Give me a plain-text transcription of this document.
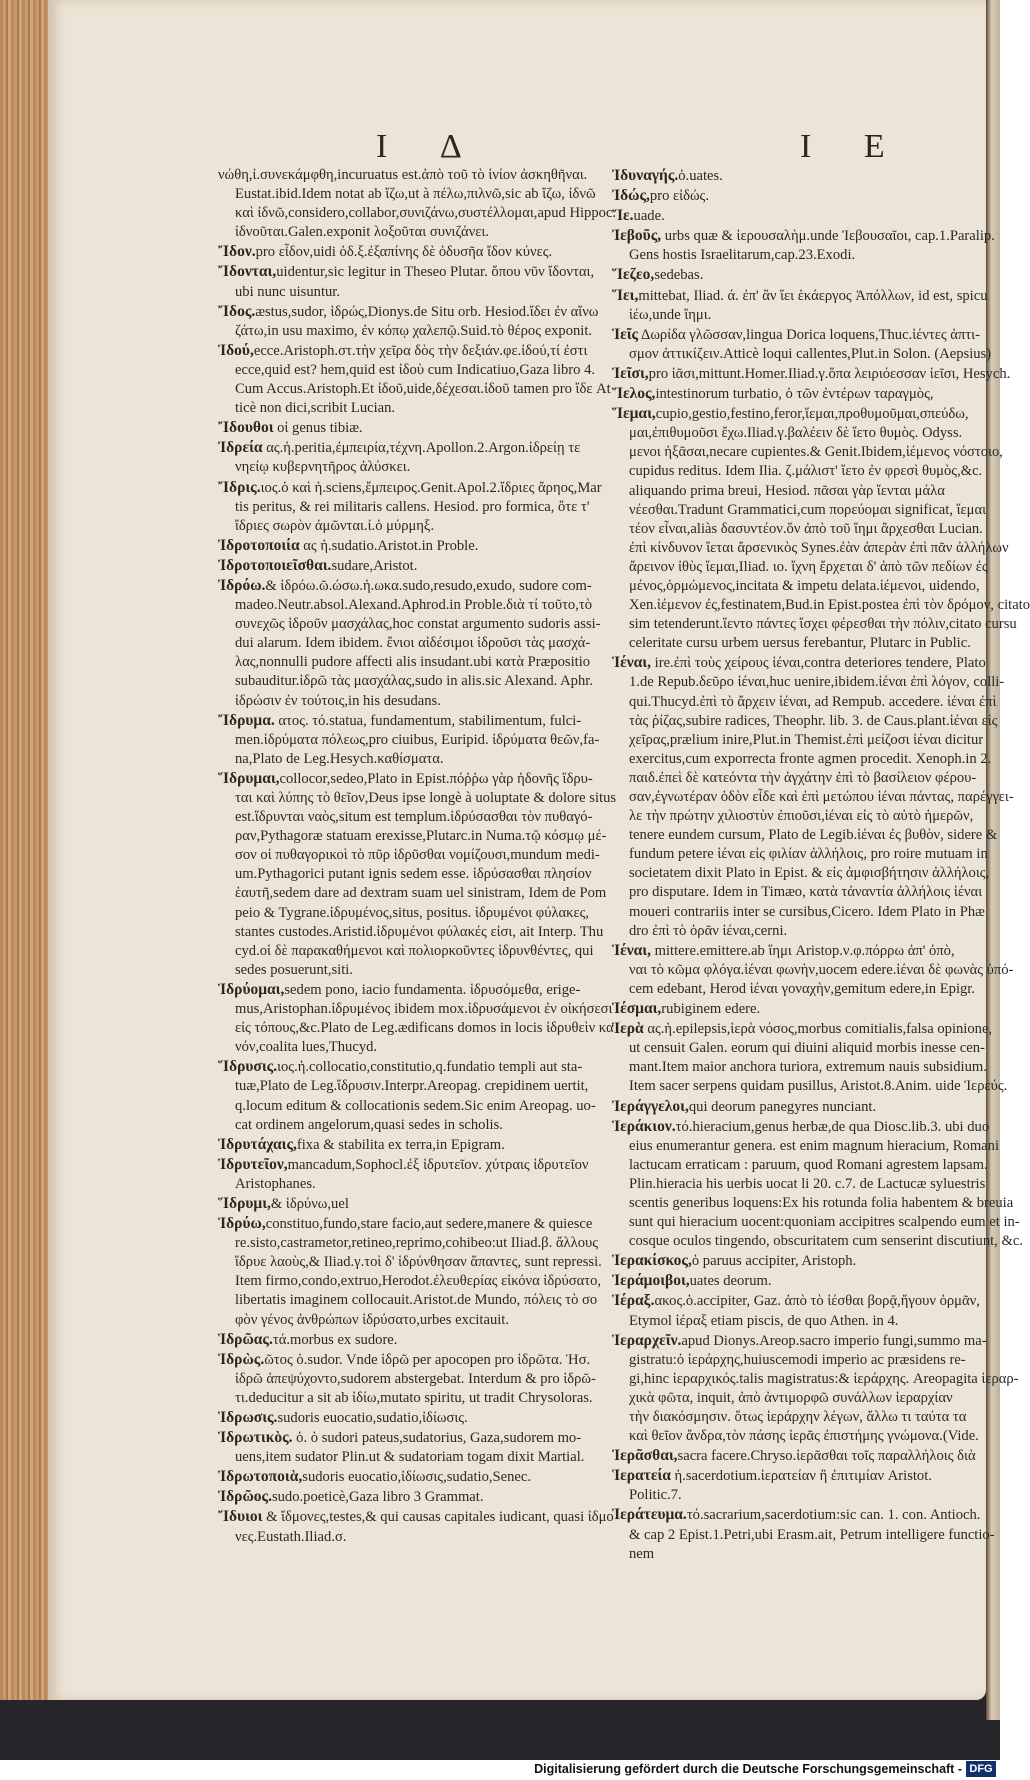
I Δ	I E
νώθη,ἰ.συνεκάμφθη,incuruatus est.ἀπὸ τοῦ τὸ ἰνίον ἀσκηθῆναι.
Eustat.ibid.Idem notat ab ἴζω,ut à πέλω,πιλνῶ,sic ab ἴζω, ἰδνῶ
καὶ ἰδνῶ,considero,collabor,συνιζάνω,συστέλλομαι,apud Hippoc.
ἰδνοῦται.Galen.exponit λοξοῦται συνιζάνει.
Ἴδον.pro εἶδον,uidi ὀδ.ξ.ἐξαπίνης δὲ ὀδυσῆα ἴδον κύνες.
Ἴδονται,uidentur,sic legitur in Theseo Plutar. ὅπου νῦν ἴδονται,
ubi nunc uisuntur.
Ἴδος.æstus,sudor, ἱδρώς,Dionys.de Situ orb. Hesiod.ἴδει ἐν αἴνω
ζάτω,in usu maximo, ἐν κόπῳ χαλεπῷ.Suid.τὸ θέρος exponit.
Ἰδού,ecce.Aristoph.στ.τὴν χεῖρα δὸς τὴν δεξιάν.φε.ἰδού,τί ἐστι
ecce,quid est? hem,quid est ἰδοὺ cum Indicatiuo,Gaza libro 4.
Cum Accus.Aristoph.Et ἰδοῦ,uide,δέχεσαι.ἰδοῦ tamen pro ἴδε At
ticè non dici,scribit Lucian.
Ἴδουθοι οἱ genus tibiæ.
Ἰδρεία ας.ἡ.peritia,ἐμπειρία,τέχνη.Apollon.2.Argon.ἰδρείῃ τε
νηείῳ κυβερνητῆρος ἀλύσκει.
Ἴδρις.ιος.ὁ καὶ ἡ.sciens,ἔμπειρος.Genit.Apol.2.ἴδριες ἄρηος,Mar
tis peritus, & rei militaris callens. Hesiod. pro formica, ὅτε τ'
ἴδριες σωρὸν ἀμῶνται.ἰ.ὁ μύρμηξ.
Ἰδροτοποιία ας ἡ.sudatio.Aristot.in Proble.
Ἰδροτοποιεῖσθαι.sudare,Aristot.
Ἰδρόω.& ἱδρόω.ῶ.ώσω.ἠ.ωκα.sudo,resudo,exudo, sudore com-
madeo.Neutr.absol.Alexand.Aphrod.in Proble.διὰ τί τοῦτο,τὸ
συνεχῶς ἱδροῦν μασχάλας,hoc constat argumento sudoris assi-
dui alarum. Idem ibidem. ἔνιοι αἰδέσιμοι ἱδροῦσι τὰς μασχά-
λας,nonnulli pudore affecti alis insudant.ubi κατὰ Præpositio
subauditur.ἱδρῶ τὰς μασχάλας,sudo in alis.sic Alexand. Aphr.
ἱδρώσιν ἐν τούτοις,in his desudans.
Ἴδρυμα. ατος. τό.statua, fundamentum, stabilimentum, fulci-
men.ἱδρύματα πόλεως,pro ciuibus, Euripid. ἱδρύματα θεῶν,fa-
na,Plato de Leg.Hesych.καθίσματα.
Ἵδρυμαι,collocor,sedeo,Plato in Epist.πόῤῥω γὰρ ἡδονῆς ἵδρυ-
ται καὶ λύπης τὸ θεῖον,Deus ipse longè à uoluptate & dolore situs
est.ἵδρυνται ναὸς,situm est templum.ἱδρύσασθαι τὸν πυθαγό-
ραν,Pythagoræ statuam erexisse,Plutarc.in Numa.τῷ κόσμῳ μέ-
σον οἱ πυθαγορικοὶ τὸ πῦρ ἱδρῦσθαι νομίζουσι,mundum medi-
um.Pythagorici putant ignis sedem esse. ἱδρύσασθαι πλησίον
ἑαυτῆ,sedem dare ad dextram suam uel sinistram, Idem de Pom
peio & Tygrane.ἱδρυμένος,situs, positus. ἱδρυμένοι φύλακες,
stantes custodes.Aristid.ἱδρυμένοι φύλακές εἰσι, ait Interp. Thu
cyd.οἱ δὲ παρακαθήμενοι καὶ πολιορκοῦντες ἱδρυνθέντες, qui
sedes posuerunt,siti.
Ἱδρύομαι,sedem pono, iacio fundamenta. ἱδρυσόμεθα, erige-
mus,Aristophan.ἱδρυμένος ibidem mox.ἱδρυσάμενοι ἐν οἰκήσεσι
εἰς τόπους,&c.Plato de Leg.ædificans domos in locis ἱδρυθεὶν κα
νόν,coalita lues,Thucyd.
Ἵδρυσις.ιος.ἡ.collocatio,constitutio,q.fundatio templi aut sta-
tuæ,Plato de Leg.ἵδρυσιν.Interpr.Areopag. crepidinem uertit,
q.locum editum & collocationis sedem.Sic enim Areopag. uo-
cat ordinem angelorum,quasi sedes in scholis.
Ἱδρυτάχαις,fixa & stabilita ex terra,in Epigram.
Ἱδρυτεῖον,mancadum,Sophocl.ἐξ ἱδρυτεῖον. χύτραις ἱδρυτεῖον
Aristophanes.
Ἵδρυμι,& ἱδρύνω,uel
Ἱδρύω,constituo,fundo,stare facio,aut sedere,manere & quiesce
re.sisto,castrametor,retineo,reprimo,cohibeo:ut Iliad.β. ἄλλους
ἵδρυε λαοὺς,& Iliad.γ.τοὶ δ' ἱδρύνθησαν ἅπαντες, sunt repressi.
Item firmo,condo,extruo,Herodot.ἐλευθερίας εἰκόνα ἱδρύσατο,
libertatis imaginem collocauit.Aristot.de Mundo, πόλεις τὸ σο
φὸν γένος ἀνθρώπων ἱδρύσατο,urbes excitauit.
Ἱδρῶας.τά.morbus ex sudore.
Ἱδρὼς.ῶτος ὁ.sudor. Vnde ἱδρῶ per apocopen pro ἱδρῶτα. Ἡσ.
ἱδρῶ ἀπεψύχοντο,sudorem abstergebat. Interdum & pro ἱδρῶ-
τι.deducitur a sit ab ἰδίω,mutato spiritu, ut tradit Chrysoloras.
Ἱδρωσις.sudoris euocatio,sudatio,ἰδίωσις.
Ἱδρωτικὸς. ὁ. ὁ sudori pateus,sudatorius, Gaza,sudorem mo-
uens,item sudator Plin.ut & sudatoriam togam dixit Martial.
Ἱδρωτοποιὰ,sudoris euocatio,ἰδίωσις,sudatio,Senec.
Ἱδρῶος.sudo.poeticè,Gaza libro 3 Grammat.
Ἴδυιοι & ἴδμονες,testes,& qui causas capitales iudicant, quasi ἰδμο
νες.Eustath.Iliad.σ.
Ἰδυναγής.ὁ.uates.
Ἰδώς,pro εἰδώς.
Ἴε.uade.
Ἰεβοῦς, urbs quæ & ἱερουσαλὴμ.unde Ἰεβουσαῖοι, cap.1.Paralip.
Gens hostis Israelitarum,cap.23.Exodi.
Ἵεζεο,sedebas.
Ἵει,mittebat, Iliad. ά. ἐπ' ἂν ἵει ἑκάεργος Ἀπόλλων, id est, spicu
ἱέω,unde ἵημι.
Ἱεῖς Δωρίδα γλῶσσαν,lingua Dorica loquens,Thuc.ἱέντες ἀπτι-
σμον ἀττικίζειν.Atticè loqui callentes,Plut.in Solon. (Aepsius)
Ἱεῖσι,pro ἱᾶσι,mittunt.Homer.Iliad.γ.ὅπα λειριόεσσαν ἱεῖσι, Hesych.
Ἵελος,intestinorum turbatio, ὁ τῶν ἐντέρων ταραγμὸς,
Ἵεμαι,cupio,gestio,festino,feror,ἵεμαι,προθυμοῦμαι,σπεύδω,
μαι,ἐπιθυμοῦσι ἔχω.Iliad.γ.βαλέειν δὲ ἵετο θυμὸς. Odyss.
μενοι ἡξᾶσαι,necare cupientes.& Genit.Ibidem,ἱέμενος νόστοιο,
cupidus reditus. Idem Ilia. ζ.μάλιστ' ἵετο ἐν φρεσὶ θυμὸς,&c.
aliquando prima breui, Hesiod. πᾶσαι γὰρ ἵενται μάλα
νέεσθαι.Tradunt Grammatici,cum πορεύομαι significat, ἵεμαι
τέον εἶναι,aliàs δασυντέον.ὅν ἀπὸ τοῦ ἵημι ἄρχεσθαι Lucian.
ἐπὶ κίνδυνον ἵεται ἄρσενικὸς Synes.ἐὰν ἀπερὰν ἐπὶ πᾶν ἀλλήλων
ἄρεινον ἰθὺς ἵεμαι,Iliad. ιο. ἴχνη ἔρχεται δ' ἀπὸ τῶν πεδίων ἐς
μένος,ὁρμώμενος,incitata & impetu delata.ἱέμενοι, uidendo,
Xen.ἱέμενον ἐς,festinatem,Bud.in Epist.postea ἐπὶ τὸν δρόμον, citato
sim tetenderunt.ἵεντο πάντες ἴσχει φέρεσθαι τὴν πόλιν,citato cursu
celeritate cursu urbem uersus ferebantur, Plutarc in Public.
Ἱέναι, ire.ἐπὶ τοὺς χείρους ἱέναι,contra deteriores tendere, Plato
1.de Repub.δεῦρο ἱέναι,huc uenire,ibidem.ἱέναι ἐπὶ λόγον, colli-
qui.Thucyd.ἐπὶ τὸ ἄρχειν ἱέναι, ad Rempub. accedere. ἱέναι ἐπὶ
τὰς ῥίζας,subire radices, Theophr. lib. 3. de Caus.plant.ἱέναι εἰς
χεῖρας,prælium inire,Plut.in Themist.ἐπὶ μείζοσι ἱέναι dicitur
exercitus,cum exporrecta fronte agmen procedit. Xenoph.in 2.
παιδ.ἐπεὶ δὲ κατεόντα τὴν ἀγχάτην ἐπὶ τὸ βασίλειον φέρου-
σαν,ἐγνωτέραν ὁδὸν εἶδε καὶ ἐπὶ μετώπου ἱέναι πάντας, παρέγγει-
λε τὴν πρώτην χιλιοστὺν ἐπιοῦσι,ἱέναι εἰς τὸ αὐτὸ ἡμερῶν,
tenere eundem cursum, Plato de Legib.ἱέναι ἐς βυθὸν, sidere &
fundum petere ἱέναι εἰς φιλίαν ἀλλήλοις, pro roire mutuam in
societatem dixit Plato in Epist. & εἰς ἀμφισβήτησιν ἀλλήλοις,
pro disputare. Idem in Timæo, κατὰ τἀναντία ἀλλήλοις ἱέναι
moueri contrariis inter se cursibus,Cicero. Idem Plato in Phæ
dro ἐπὶ τὸ ὁρᾶν ἱέναι,cerni.
Ἱέναι, mittere.emittere.ab ἵημι Aristop.ν.φ.πόρρω ἀπ' ὀπὸ,
ναι τὸ κῶμα φλόγα.ἱέναι φωνὴν,uocem edere.ἱέναι δὲ φωνὰς ὑπό-
cem edebant, Herod ἱέναι γοναχὴν,gemitum edere,in Epigr.
Ἱέσμαι,rubiginem edere.
Ἱερὰ ας.ἡ.epilepsis,ἱερὰ νόσος,morbus comitialis,falsa opinione,
ut censuit Galen. eorum qui diuini aliquid morbis inesse cen-
mant.Item maior anchora turiora, extremum nauis subsidium.
Item sacer serpens quidam pusillus, Aristot.8.Anim. uide Ἱερεύς.
Ἱεράγγελοι,qui deorum panegyres nunciant.
Ἱεράκιον.τό.hieracium,genus herbæ,de qua Diosc.lib.3. ubi duo
eius enumerantur genera. est enim magnum hieracium, Romani
lactucam erraticam : paruum, quod Romani agrestem lapsam.
Plin.hieracia his uerbis uocat li 20. c.7. de Lactucæ syluestris
scentis generibus loquens:Ex his rotunda folia habentem & breuia
sunt qui hieracium uocent:quoniam accipitres scalpendo eum et in-
cosque oculos tingendo, obscuritatem cum senserint discutiunt, &c.
Ἱερακίσκος,ὁ paruus accipiter, Aristoph.
Ἱεράμοιβοι,uates deorum.
Ἱέραξ.ακος.ὁ.accipiter, Gaz. ἀπὸ τὸ ἱέσθαι βορᾷ,ἤγουν ὁρμᾶν,
Etymol ἱέραξ etiam piscis, de quo Athen. in 4.
Ἱεραρχεῖν.apud Dionys.Areop.sacro imperio fungi,summo ma-
gistratu:ὁ ἱεράρχης,huiuscemodi imperio ac præsidens re-
gi,hinc ἱεραρχικός.talis magistratus:& ἱεράρχης. Areopagita ἱεραρ-
χικὰ φῶτα, inquit, ἀπὸ ἀντιμορφῶ συνάλλων ἱεραρχίαν
τὴν διακόσμησιν. ὅτως ἱεράρχην λέγων, ἄλλω τι ταύτα τα
καὶ θεῖον ἄνδρα,τὸν πάσης ἱερᾶς ἐπιστήμης γνώμονα.(Vide.
Ἱερᾶσθαι,sacra facere.Chryso.ἱερᾶσθαι τοῖς παραλλήλοις διὰ
Ἱερατεία ἡ.sacerdotium.ἱερατείαν ἢ ἐπιτιμίαν Aristot.
Politic.7.
Ἱεράτευμα.τό.sacrarium,sacerdotium:sic can. 1. con. Antioch.
& cap 2 Epist.1.Petri,ubi Erasm.ait, Petrum intelligere functio-
nem
Digitalisierung gefördert durch die Deutsche Forschungsgemeinschaft - DFG
